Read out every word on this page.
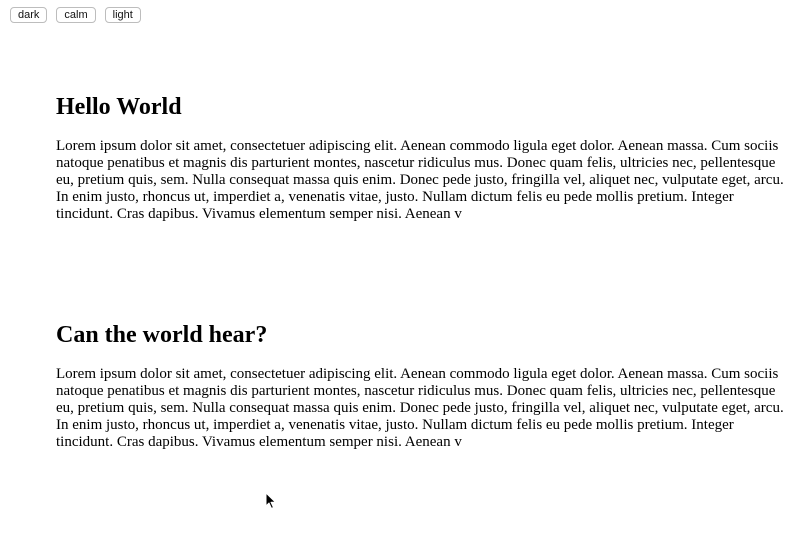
dark	calm	light
Hello World

Lorem ipsum dolor sit amet, consectetuer adipiscing elit. Aenean commodo ligula eget dolor. Aenean massa. Cum sociis natoque penatibus et magnis dis parturient montes, nascetur ridiculus mus. Donec quam felis, ultricies nec, pellentesque eu, pretium quis, sem. Nulla consequat massa quis enim. Donec pede justo, fringilla vel, aliquet nec, vulputate eget, arcu. In enim justo, rhoncus ut, imperdiet a, venenatis vitae, justo. Nullam dictum felis eu pede mollis pretium. Integer tincidunt. Cras dapibus. Vivamus elementum semper nisi. Aenean v

Can the world hear?

Lorem ipsum dolor sit amet, consectetuer adipiscing elit. Aenean commodo ligula eget dolor. Aenean massa. Cum sociis natoque penatibus et magnis dis parturient montes, nascetur ridiculus mus. Donec quam felis, ultricies nec, pellentesque eu, pretium quis, sem. Nulla consequat massa quis enim. Donec pede justo, fringilla vel, aliquet nec, vulputate eget, arcu. In enim justo, rhoncus ut, imperdiet a, venenatis vitae, justo. Nullam dictum felis eu pede mollis pretium. Integer tincidunt. Cras dapibus. Vivamus elementum semper nisi. Aenean v
